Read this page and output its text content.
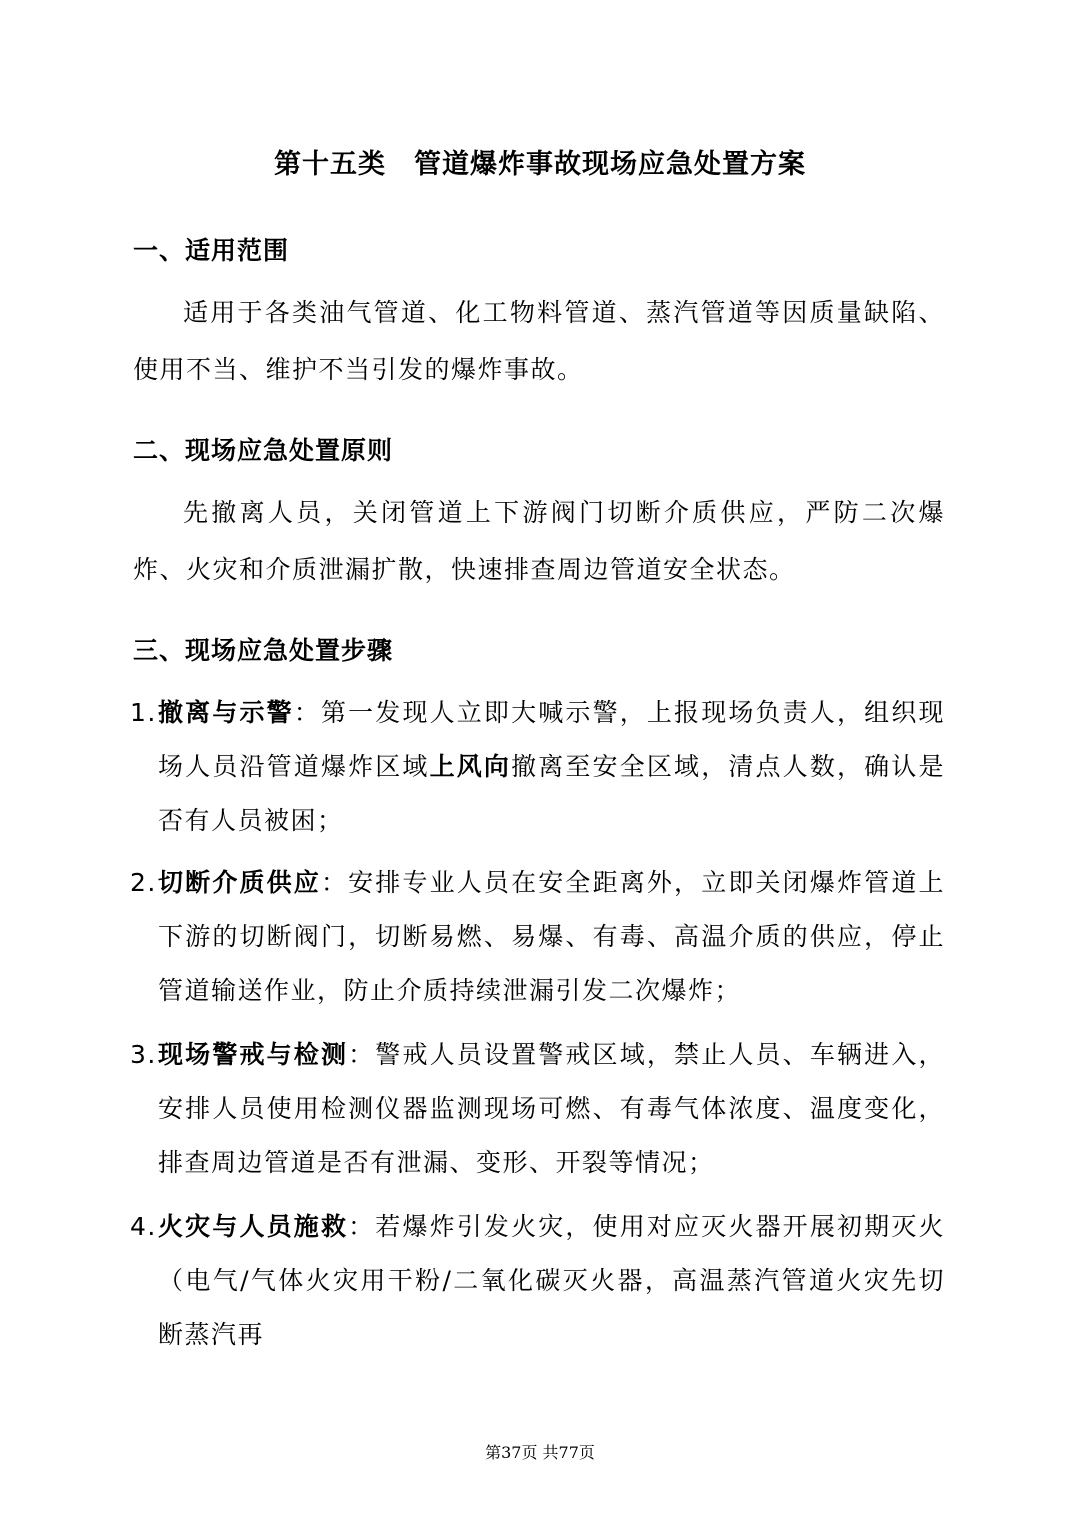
第十五类 管道爆炸事故现场应急处置方案
一、适用范围
适用于各类油气管道、化工物料管道、蒸汽管道等因质量缺陷、使用不当、维护不当引发的爆炸事故。
二、现场应急处置原则
先撤离人员，关闭管道上下游阀门切断介质供应，严防二次爆炸、火灾和介质泄漏扩散，快速排查周边管道安全状态。
三、现场应急处置步骤
1. 撤离与示警：第一发现人立即大喊示警，上报现场负责人，组织现场人员沿管道爆炸区域上风向撤离至安全区域，清点人数，确认是否有人员被困；
2. 切断介质供应：安排专业人员在安全距离外，立即关闭爆炸管道上下游的切断阀门，切断易燃、易爆、有毒、高温介质的供应，停止管道输送作业，防止介质持续泄漏引发二次爆炸；
3. 现场警戒与检测：警戒人员设置警戒区域，禁止人员、车辆进入，安排人员使用检测仪器监测现场可燃、有毒气体浓度、温度变化，排查周边管道是否有泄漏、变形、开裂等情况；
4. 火灾与人员施救：若爆炸引发火灾，使用对应灭火器开展初期灭火（电气/气体火灾用干粉/二氧化碳灭火器，高温蒸汽管道火灾先切断蒸汽再
第37页 共77页
